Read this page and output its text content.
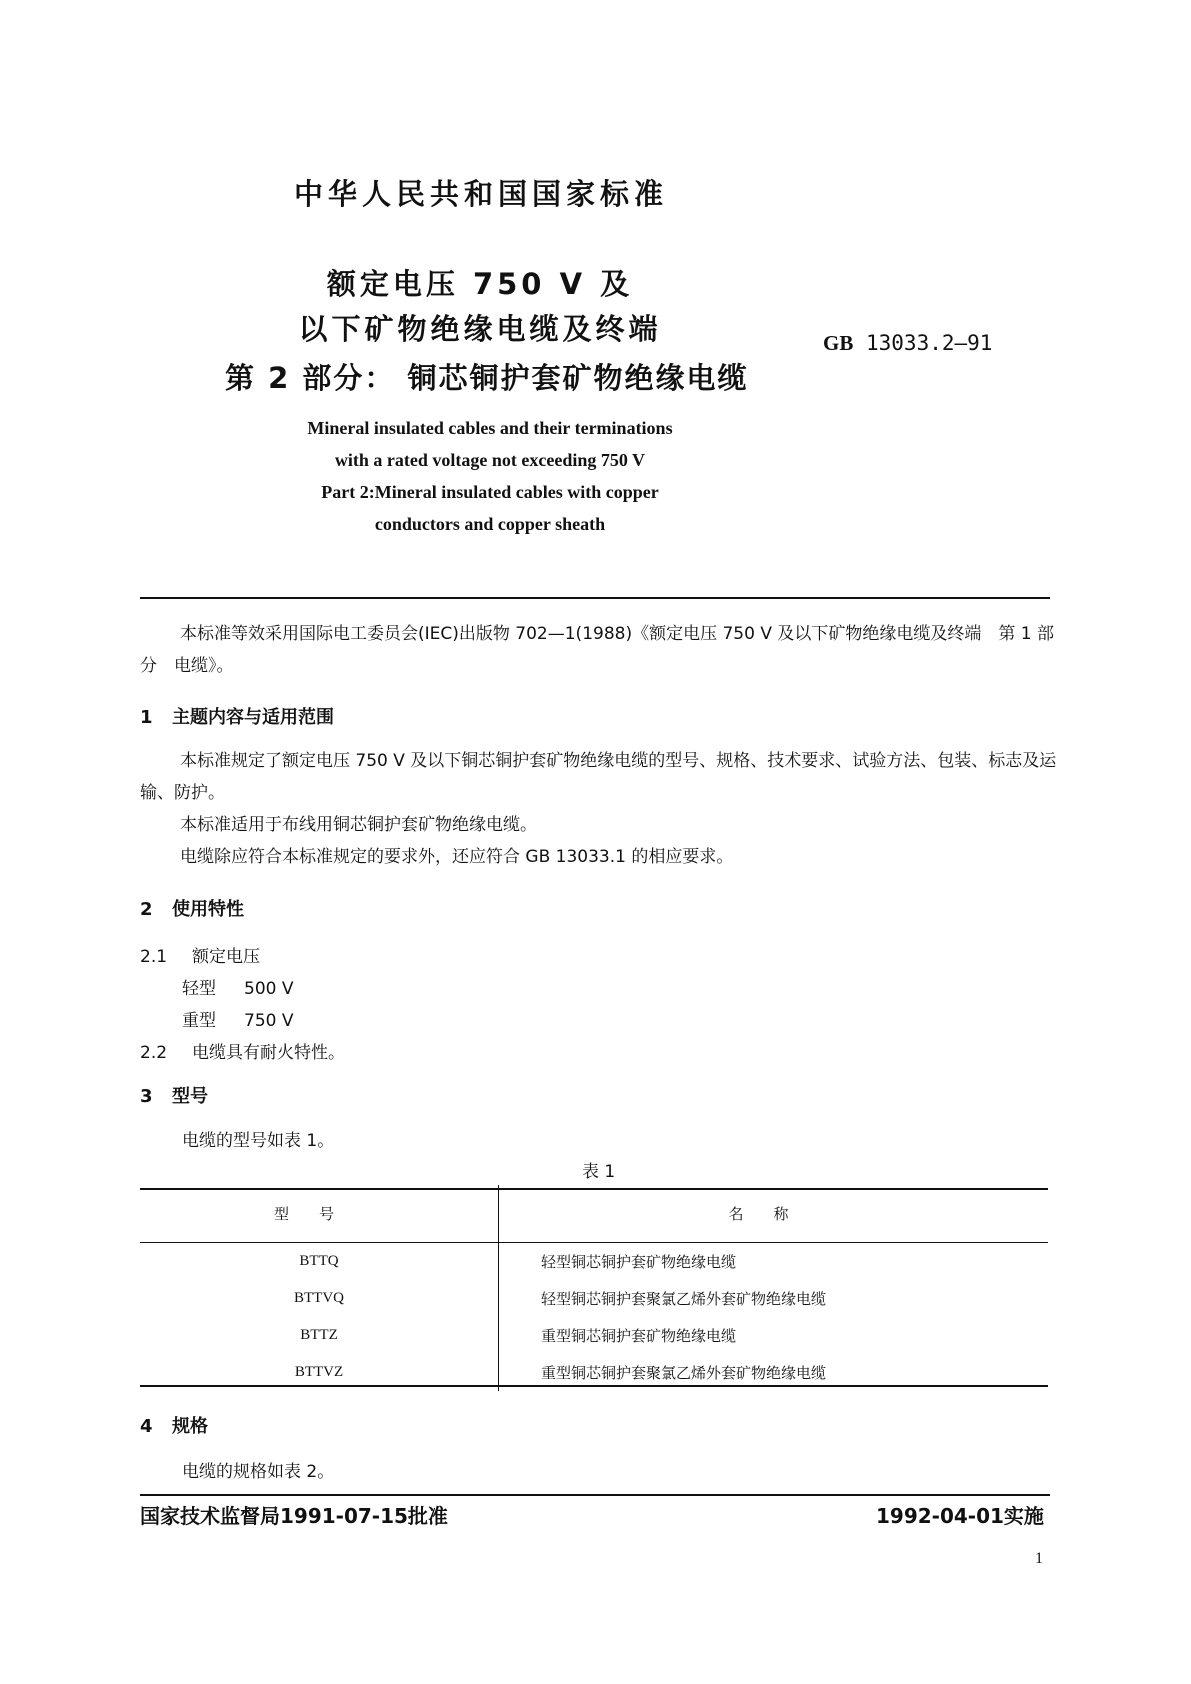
中华人民共和国国家标准
额定电压 750 V 及
以下矿物绝缘电缆及终端
第 2 部分： 铜芯铜护套矿物绝缘电缆
GB 13033.2—91
Mineral insulated cables and their terminations
with a rated voltage not exceeding 750 V
Part 2:Mineral insulated cables with copper
conductors and copper sheath
本标准等效采用国际电工委员会(IEC)出版物 702—1(1988)《额定电压 750 V 及以下矿物绝缘电缆及终端　第 1 部分　电缆》。
1 主题内容与适用范围
本标准规定了额定电压 750 V 及以下铜芯铜护套矿物绝缘电缆的型号、规格、技术要求、试验方法、包装、标志及运输、防护。
本标准适用于布线用铜芯铜护套矿物绝缘电缆。
电缆除应符合本标准规定的要求外，还应符合 GB 13033.1 的相应要求。
2 使用特性
2.1 额定电压
轻型 500 V
重型 750 V
2.2 电缆具有耐火特性。
3 型号
电缆的型号如表 1。
表 1
型号	名称
BTTQ	轻型铜芯铜护套矿物绝缘电缆
BTTVQ	轻型铜芯铜护套聚氯乙烯外套矿物绝缘电缆
BTTZ	重型铜芯铜护套矿物绝缘电缆
BTTVZ	重型铜芯铜护套聚氯乙烯外套矿物绝缘电缆
4 规格
电缆的规格如表 2。
国家技术监督局1991-07-15批准	1992-04-01实施
1
